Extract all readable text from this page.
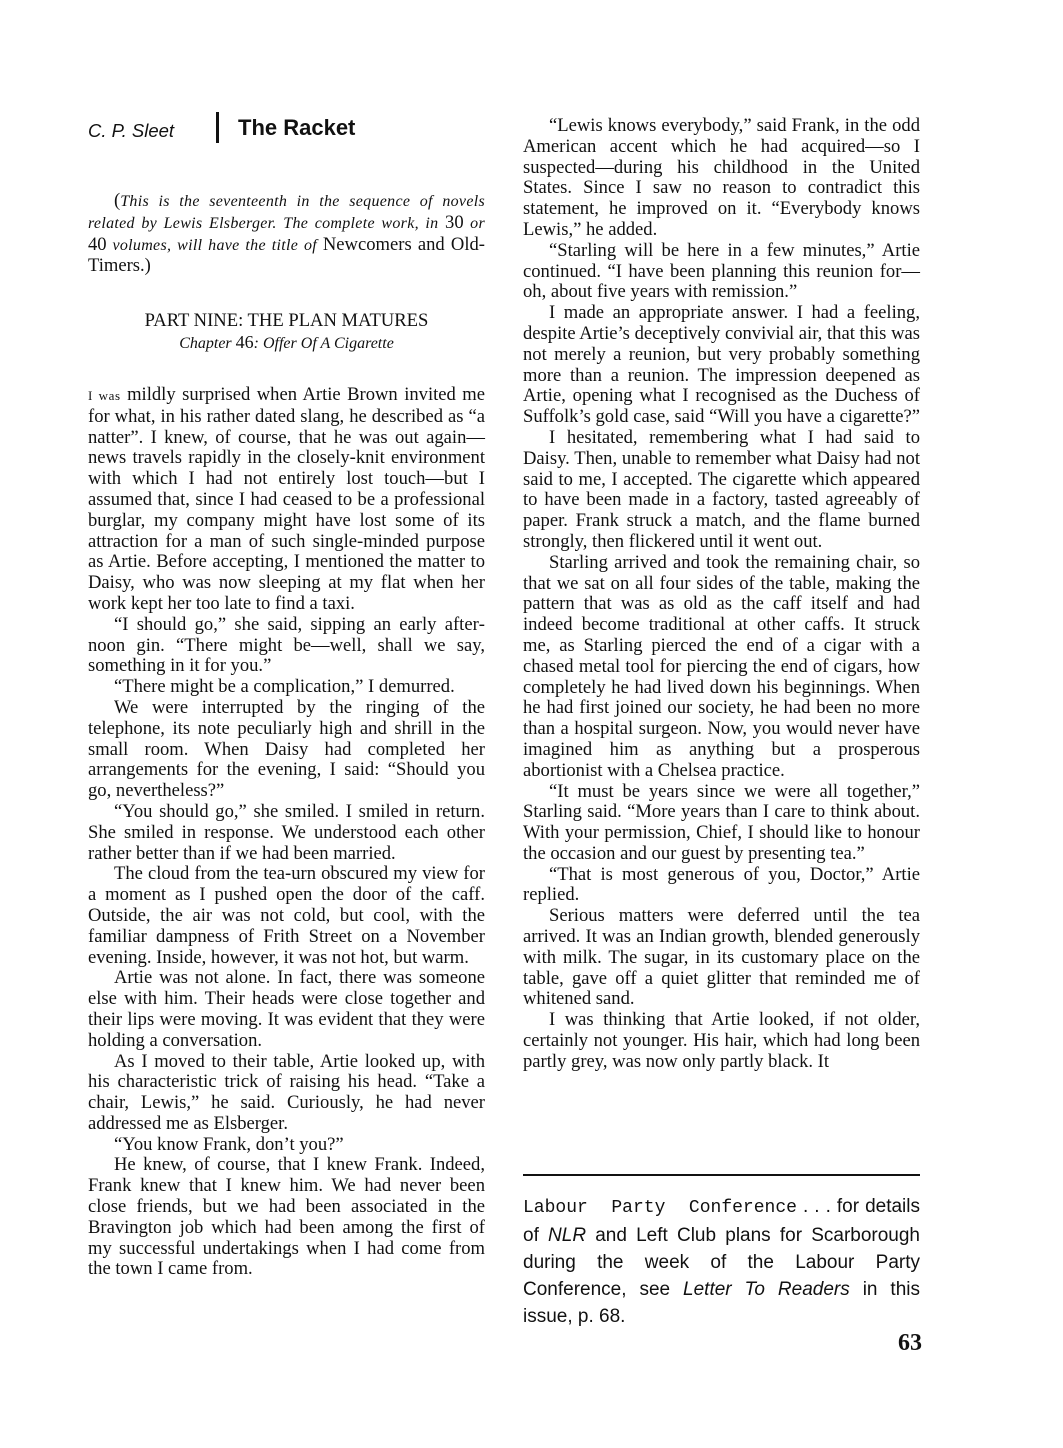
C. P. Sleet	The Racket

(This is the seventeenth in the sequence of novels related by Lewis Elsberger. The complete work, in 30 or 40 volumes, will have the title of Newcomers and Old-Timers.)

PART NINE: THE PLAN MATURES
Chapter 46: Offer Of A Cigarette

I was mildly surprised when Artie Brown invited me for what, in his rather dated slang, he described as “a natter”. I knew, of course, that he was out again—news travels rapidly in the closely-knit environment with which I had not entirely lost touch—but I assumed that, since I had ceased to be a professional burglar, my company might have lost some of its attraction for a man of such single-minded purpose as Artie. Before accepting, I mentioned the matter to Daisy, who was now sleeping at my flat when her work kept her too late to find a taxi.

“I should go,” she said, sipping an early afternoon gin. “There might be—well, shall we say, something in it for you.”

“There might be a complication,” I demurred.

We were interrupted by the ringing of the telephone, its note peculiarly high and shrill in the small room. When Daisy had completed her arrangements for the evening, I said: “Should you go, nevertheless?”

“You should go,” she smiled. I smiled in return. She smiled in response. We understood each other rather better than if we had been married.

The cloud from the tea-urn obscured my view for a moment as I pushed open the door of the caff. Outside, the air was not cold, but cool, with the familiar dampness of Frith Street on a November evening. Inside, however, it was not hot, but warm.

Artie was not alone. In fact, there was someone else with him. Their heads were close together and their lips were moving. It was evident that they were holding a conversation.

As I moved to their table, Artie looked up, with his characteristic trick of raising his head. “Take a chair, Lewis,” he said. Curiously, he had never addressed me as Elsberger.

“You know Frank, don’t you?”

He knew, of course, that I knew Frank. Indeed, Frank knew that I knew him. We had never been close friends, but we had been associated in the Bravington job which had been among the first of my successful undertakings when I had come from the town I came from.

“Lewis knows everybody,” said Frank, in the odd American accent which he had acquired—so I suspected—during his childhood in the United States. Since I saw no reason to contradict this statement, he improved on it. “Everybody knows Lewis,” he added.

“Starling will be here in a few minutes,” Artie continued. “I have been planning this reunion for—oh, about five years with remission.”

I made an appropriate answer. I had a feeling, despite Artie’s deceptively convivial air, that this was not merely a reunion, but very probably something more than a reunion. The impression deepened as Artie, opening what I recognised as the Duchess of Suffolk’s gold case, said “Will you have a cigarette?”

I hesitated, remembering what I had said to Daisy. Then, unable to remember what Daisy had not said to me, I accepted. The cigarette which appeared to have been made in a factory, tasted agreeably of paper. Frank struck a match, and the flame burned strongly, then flickered until it went out.

Starling arrived and took the remaining chair, so that we sat on all four sides of the table, making the pattern that was as old as the caff itself and had indeed become traditional at other caffs. It struck me, as Starling pierced the end of a cigar with a chased metal tool for piercing the end of cigars, how completely he had lived down his beginnings. When he had first joined our society, he had been no more than a hospital surgeon. Now, you would never have imagined him as anything but a prosperous abortionist with a Chelsea practice.

“It must be years since we were all together,” Starling said. “More years than I care to think about. With your permission, Chief, I should like to honour the occasion and our guest by presenting tea.”

“That is most generous of you, Doctor,” Artie replied.

Serious matters were deferred until the tea arrived. It was an Indian growth, blended generously with milk. The sugar, in its customary place on the table, gave off a quiet glitter that reminded me of whitened sand.

I was thinking that Artie looked, if not older, certainly not younger. His hair, which had long been partly grey, was now only partly black. It

Labour Party Conference . . . for details of NLR and Left Club plans for Scarborough during the week of the Labour Party Conference, see Letter To Readers in this issue, p. 68.
63
